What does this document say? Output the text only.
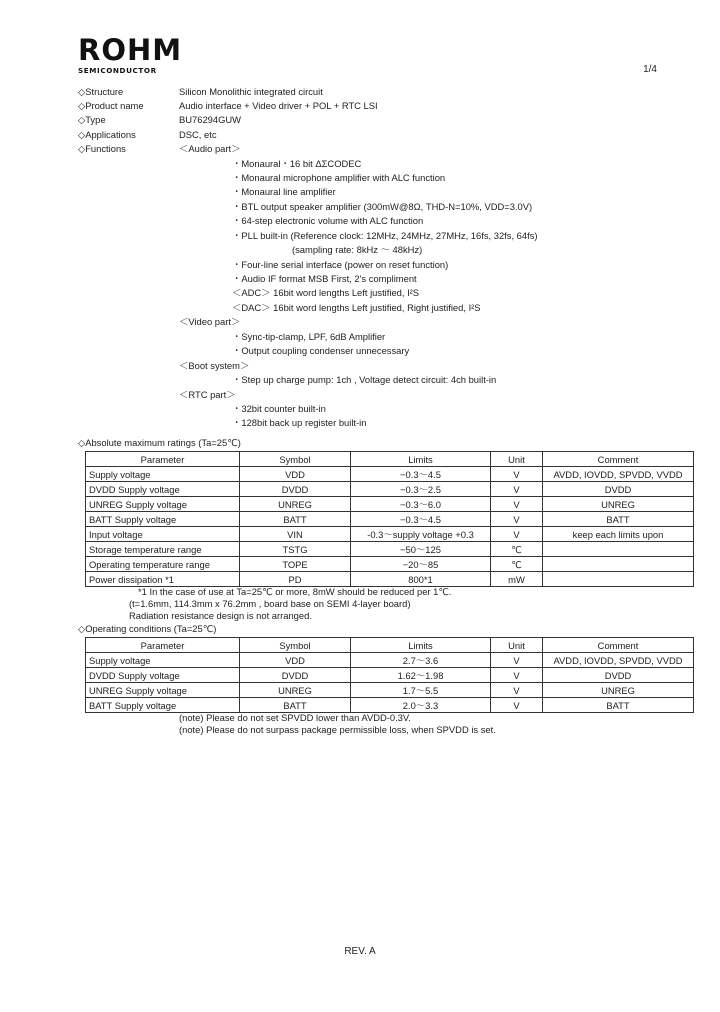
ROHM
SEMICONDUCTOR	1/4
◇Structure	Silicon Monolithic integrated circuit
◇Product name	Audio interface + Video driver + POL + RTC LSI
◇Type	BU76294GUW
◇Applications	DSC, etc
◇Functions	＜Audio part＞
・Monaural・16 bit ΔΣCODEC
・Monaural microphone amplifier with ALC function
・Monaural line amplifier
・BTL output speaker amplifier (300mW@8Ω, THD-N=10%, VDD=3.0V)
・64-step electronic volume with ALC function
・PLL built-in (Reference clock: 12MHz, 24MHz, 27MHz, 16fs, 32fs, 64fs)
(sampling rate: 8kHz ～ 48kHz)
・Four-line serial interface (power on reset function)
・Audio IF format MSB First, 2's compliment
＜ADC＞ 16bit word lengths Left justified, I²S
＜DAC＞ 16bit word lengths Left justified, Right justified, I²S
＜Video part＞
・Sync-tip-clamp, LPF, 6dB Amplifier
・Output coupling condenser unnecessary
＜Boot system＞
・Step up charge pump: 1ch , Voltage detect circuit: 4ch built-in
＜RTC part＞
・32bit counter built-in
・128bit back up register built-in
◇Absolute maximum ratings (Ta=25℃)
Parameter	Symbol	Limits	Unit	Comment
Supply voltage	VDD	−0.3～4.5	V	AVDD, IOVDD, SPVDD, VVDD
DVDD Supply voltage	DVDD	−0.3～2.5	V	DVDD
UNREG Supply voltage	UNREG	−0.3～6.0	V	UNREG
BATT Supply voltage	BATT	−0.3～4.5	V	BATT
Input voltage	VIN	-0.3～supply voltage +0.3	V	keep each limits upon
Storage temperature range	TSTG	−50～125	℃	
Operating temperature range	TOPE	−20～85	℃	
Power dissipation *1	PD	800*1	mW	
*1 In the case of use at Ta=25℃ or more, 8mW should be reduced per 1℃.
(t=1.6mm, 114.3mm x 76.2mm , board base on SEMI 4-layer board)
Radiation resistance design is not arranged.
◇Operating conditions (Ta=25℃)
Parameter	Symbol	Limits	Unit	Comment
Supply voltage	VDD	2.7～3.6	V	AVDD, IOVDD, SPVDD, VVDD
DVDD Supply voltage	DVDD	1.62～1.98	V	DVDD
UNREG Supply voltage	UNREG	1.7～5.5	V	UNREG
BATT Supply voltage	BATT	2.0～3.3	V	BATT
(note) Please do not set SPVDD lower than AVDD-0.3V.
(note) Please do not surpass package permissible loss, when SPVDD is set.
REV. A
